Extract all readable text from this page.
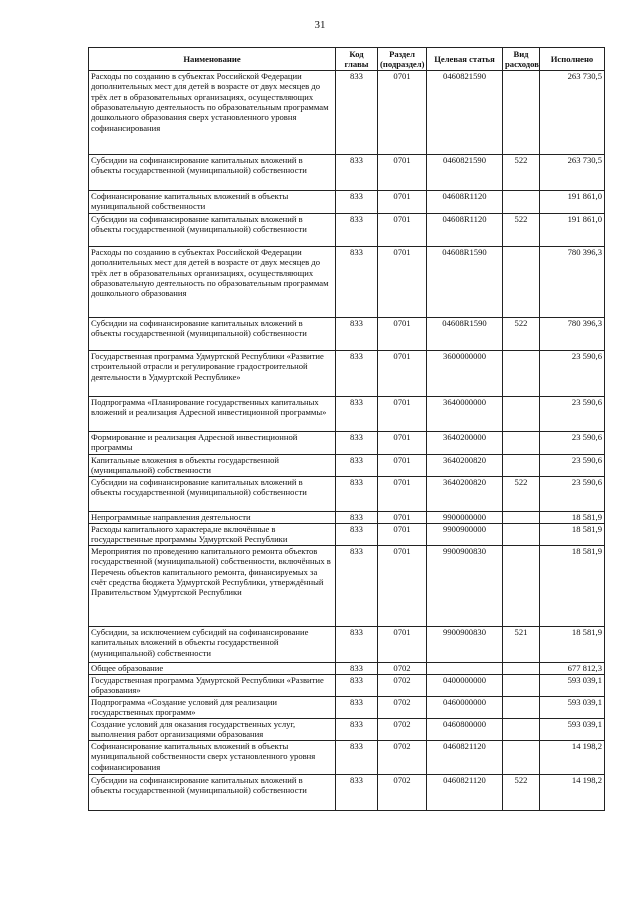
31
Наименование	Код главы	Раздел (подраздел)	Целевая статья	Вид расходов	Исполнено
Расходы по созданию в субъектах Российской Федерации дополнительных мест для детей в возрасте от двух месяцев до трёх лет в образовательных организациях, осуществляющих образовательную деятельность по образовательным программам дошкольного образования сверх установленного уровня софинансирования	833	0701	0460821590		263 730,5
Субсидии на софинансирование капитальных вложений в объекты государственной (муниципальной) собственности	833	0701	0460821590	522	263 730,5
Софинансирование капитальных вложений в объекты муниципальной собственности	833	0701	04608R1120		191 861,0
Субсидии на софинансирование капитальных вложений в объекты государственной (муниципальной) собственности	833	0701	04608R1120	522	191 861,0
Расходы по созданию в субъектах Российской Федерации дополнительных мест для детей в возрасте от двух месяцев до трёх лет в образовательных организациях, осуществляющих образовательную деятельность по образовательным программам дошкольного образования	833	0701	04608R1590		780 396,3
Субсидии на софинансирование капитальных вложений в объекты государственной (муниципальной) собственности	833	0701	04608R1590	522	780 396,3
Государственная программа Удмуртской Республики «Развитие строительной отрасли и регулирование градостроительной деятельности в Удмуртской Республике»	833	0701	3600000000		23 590,6
Подпрограмма «Планирование государственных капитальных вложений и реализация Адресной инвестиционной программы»	833	0701	3640000000		23 590,6
Формирование и реализация Адресной инвестиционной программы	833	0701	3640200000		23 590,6
Капитальные вложения в объекты государственной (муниципальной) собственности	833	0701	3640200820		23 590,6
Субсидии на софинансирование капитальных вложений в объекты государственной (муниципальной) собственности	833	0701	3640200820	522	23 590,6
Непрограммные направления деятельности	833	0701	9900000000		18 581,9
Расходы капитального характера,не включённые в государственные программы Удмуртской Республики	833	0701	9900900000		18 581,9
Мероприятия по проведению капитального ремонта объектов государственной (муниципальной) собственности, включённых в Перечень объектов капитального ремонта, финансируемых за счёт средства бюджета Удмуртской Республики, утверждённый Правительством Удмуртской Республики	833	0701	9900900830		18 581,9
Субсидии, за исключением субсидий на софинансирование капитальных вложений в объекты государственной (муниципальной) собственности	833	0701	9900900830	521	18 581,9
Общее образование	833	0702			677 812,3
Государственная программа Удмуртской Республики «Развитие образования»	833	0702	0400000000		593 039,1
Подпрограмма «Создание условий для реализации государственных программ»	833	0702	0460000000		593 039,1
Создание условий для оказания государственных услуг, выполнения работ организациями образования	833	0702	0460800000		593 039,1
Софинансирование капитальных вложений в объекты муниципальной собственности сверх установленного уровня софинансирования	833	0702	0460821120		14 198,2
Субсидии на софинансирование капитальных вложений в объекты государственной (муниципальной) собственности	833	0702	0460821120	522	14 198,2
